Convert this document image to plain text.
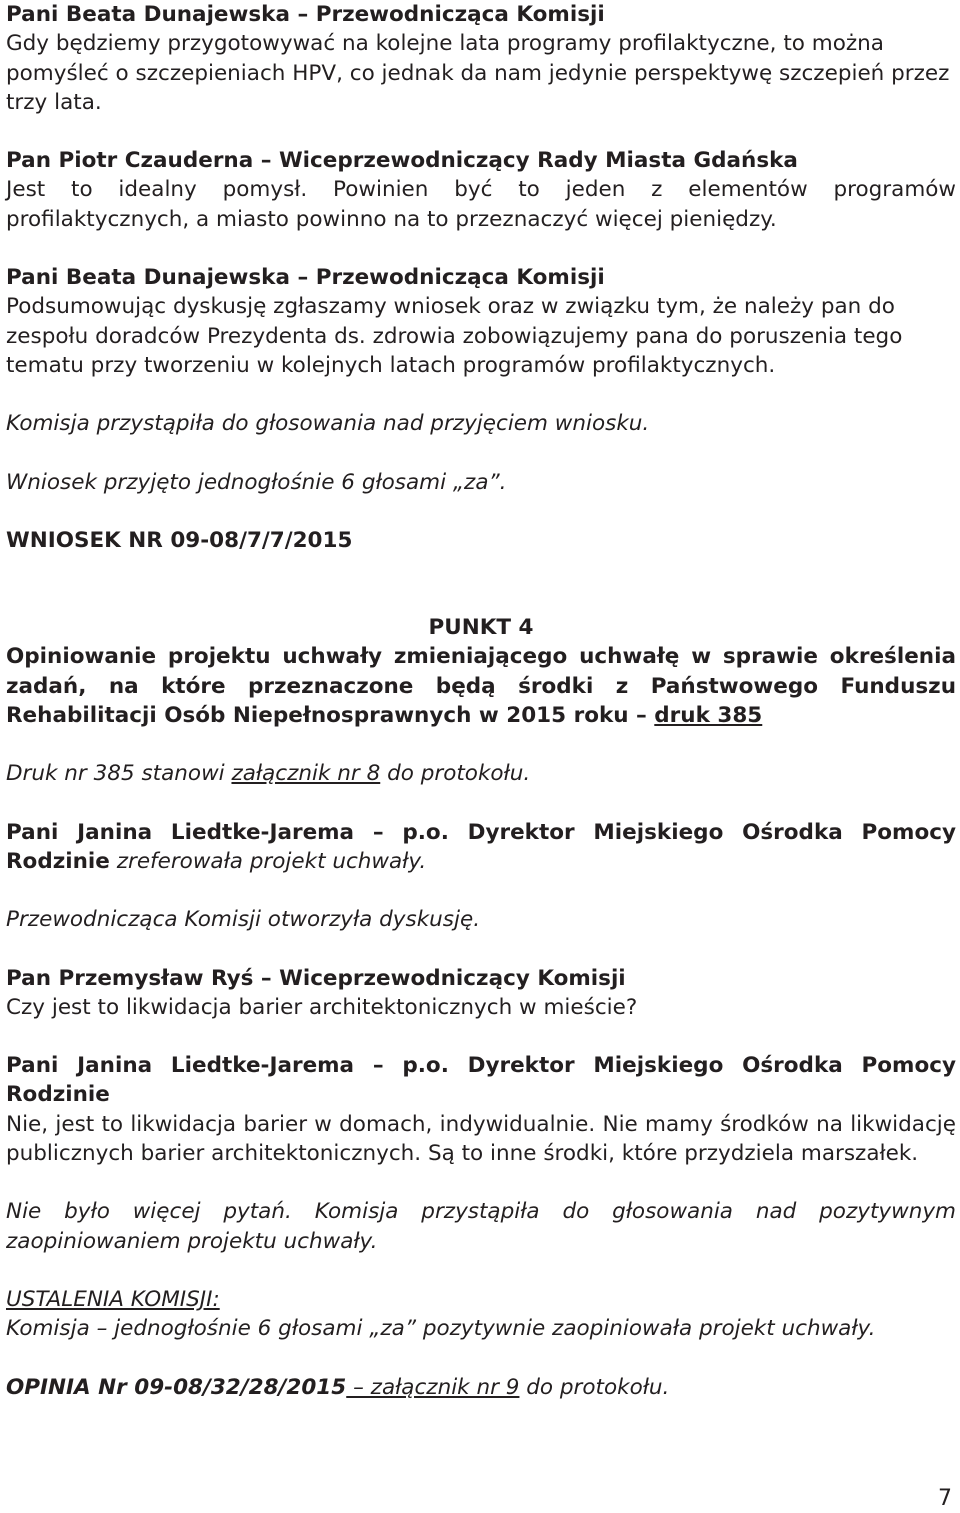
Pani Beata Dunajewska – Przewodnicząca Komisji
Gdy będziemy przygotowywać na kolejne lata programy profilaktyczne, to można pomyśleć o szczepieniach HPV, co jednak da nam jedynie perspektywę szczepień przez trzy lata.

Pan Piotr Czauderna – Wiceprzewodniczący Rady Miasta Gdańska
Jest to idealny pomysł. Powinien być to jeden z elementów programów profilaktycznych, a miasto powinno na to przeznaczyć więcej pieniędzy.

Pani Beata Dunajewska – Przewodnicząca Komisji
Podsumowując dyskusję zgłaszamy wniosek oraz w związku tym, że należy pan do zespołu doradców Prezydenta ds. zdrowia zobowiązujemy pana do poruszenia tego tematu przy tworzeniu w kolejnych latach programów profilaktycznych.

Komisja przystąpiła do głosowania nad przyjęciem wniosku.

Wniosek przyjęto jednogłośnie 6 głosami „za”.

WNIOSEK NR 09-08/7/7/2015

PUNKT 4

Opiniowanie projektu uchwały zmieniającego uchwałę w sprawie określenia zadań, na które przeznaczone będą środki z Państwowego Funduszu Rehabilitacji Osób Niepełnosprawnych w 2015 roku – druk 385

Druk nr 385 stanowi załącznik nr 8 do protokołu.

Pani Janina Liedtke-Jarema – p.o. Dyrektor Miejskiego Ośrodka Pomocy Rodzinie zreferowała projekt uchwały.

Przewodnicząca Komisji otworzyła dyskusję.

Pan Przemysław Ryś – Wiceprzewodniczący Komisji
Czy jest to likwidacja barier architektonicznych w mieście?

Pani Janina Liedtke-Jarema – p.o. Dyrektor Miejskiego Ośrodka Pomocy Rodzinie
Nie, jest to likwidacja barier w domach, indywidualnie. Nie mamy środków na likwidację publicznych barier architektonicznych. Są to inne środki, które przydziela marszałek.

Nie było więcej pytań. Komisja przystąpiła do głosowania nad pozytywnym zaopiniowaniem projektu uchwały.

USTALENIA KOMISJI:
Komisja – jednogłośnie 6 głosami „za” pozytywnie zaopiniowała projekt uchwały.

OPINIA Nr 09-08/32/28/2015 – załącznik nr 9 do protokołu.

7
